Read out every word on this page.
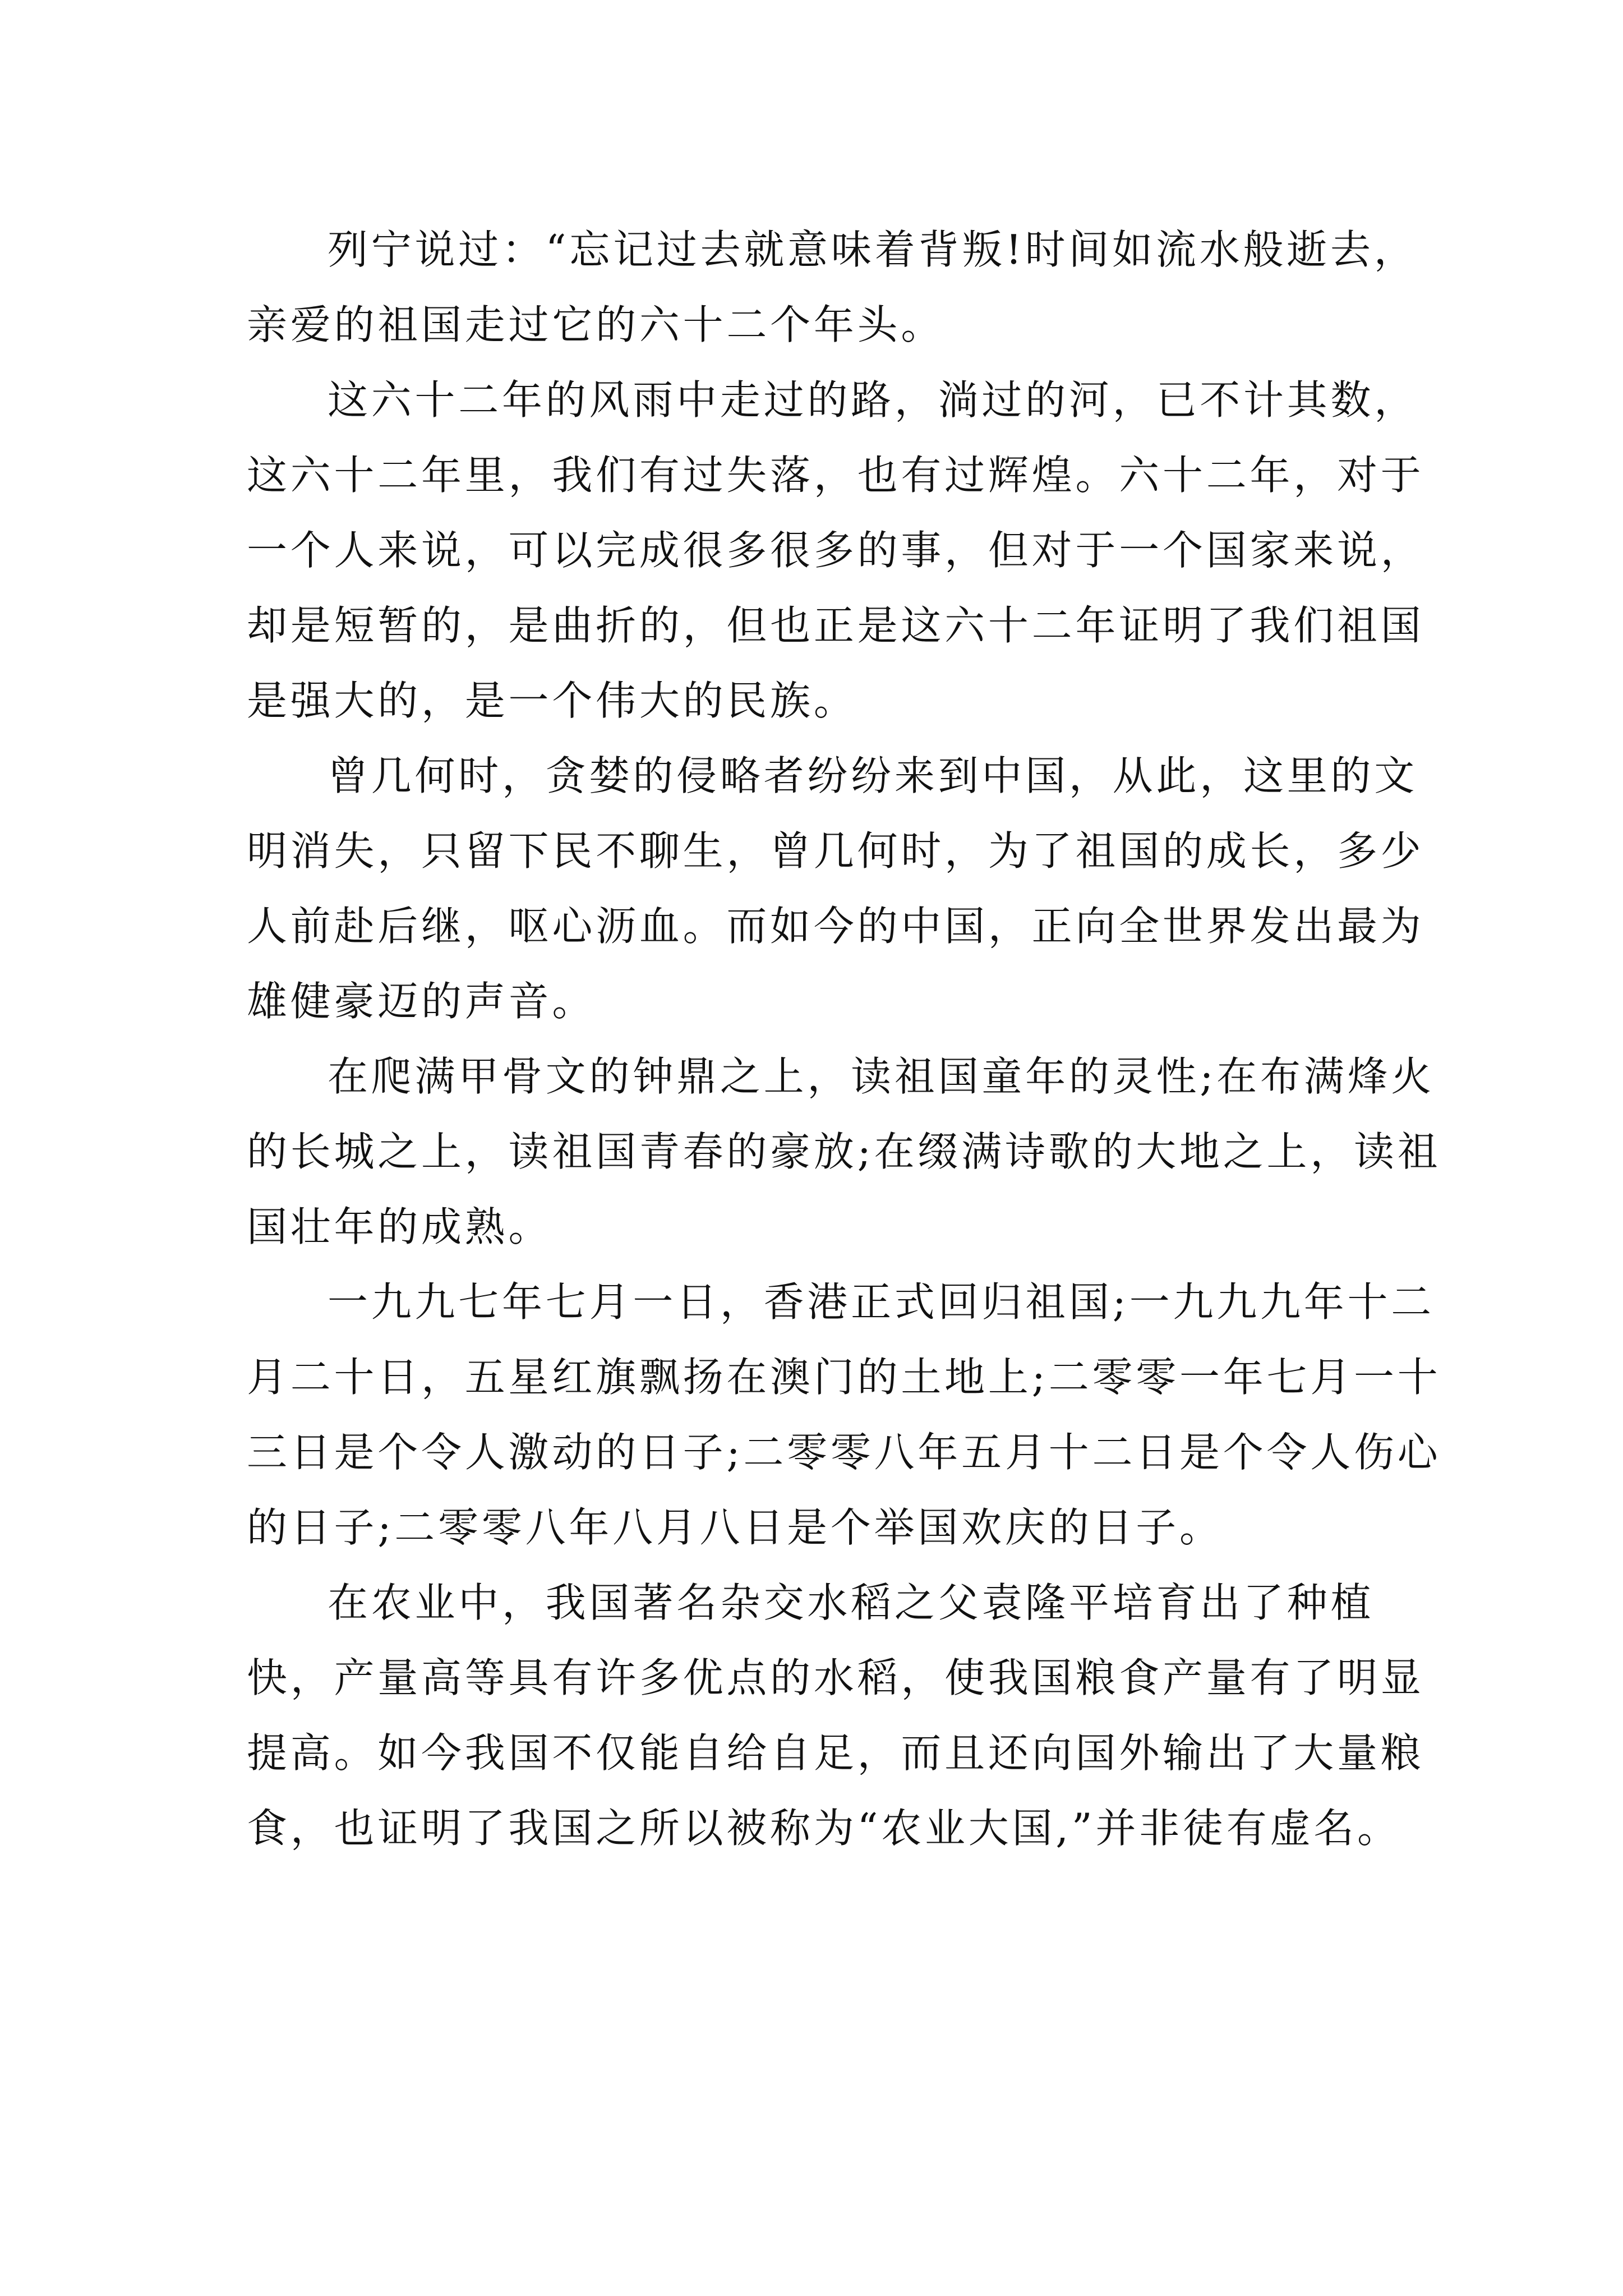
列宁说过：“忘记过去就意味着背叛!时间如流水般逝去，亲爱的祖国走过它的六十二个年头。

这六十二年的风雨中走过的路，淌过的河，已不计其数，这六十二年里，我们有过失落，也有过辉煌。六十二年，对于一个人来说，可以完成很多很多的事，但对于一个国家来说，却是短暂的，是曲折的，但也正是这六十二年证明了我们祖国是强大的，是一个伟大的民族。

曾几何时，贪婪的侵略者纷纷来到中国，从此，这里的文明消失，只留下民不聊生，曾几何时，为了祖国的成长，多少人前赴后继，呕心沥血。而如今的中国，正向全世界发出最为雄健豪迈的声音。

在爬满甲骨文的钟鼎之上，读祖国童年的灵性;在布满烽火的长城之上，读祖国青春的豪放;在缀满诗歌的大地之上，读祖国壮年的成熟。

一九九七年七月一日，香港正式回归祖国;一九九九年十二月二十日，五星红旗飘扬在澳门的土地上;二零零一年七月一十三日是个令人激动的日子;二零零八年五月十二日是个令人伤心的日子;二零零八年八月八日是个举国欢庆的日子。

在农业中，我国著名杂交水稻之父袁隆平培育出了种植快，产量高等具有许多优点的水稻，使我国粮食产量有了明显提高。如今我国不仅能自给自足，而且还向国外输出了大量粮食，也证明了我国之所以被称为“农业大国,”并非徒有虚名。
